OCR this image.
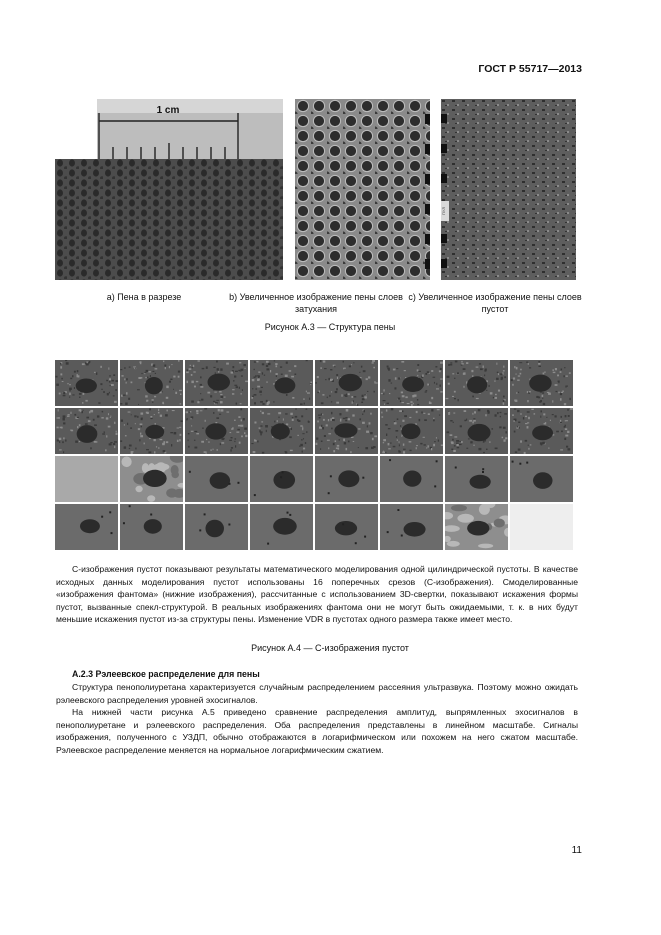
ГОСТ Р 55717—2013
1 cm
ПУЛ
а) Пена в разрезе	b) Увеличенное изображение пены слоев затухания
с) Увеличенное изображение пены слоев пустот
Рисунок А.3 — Структура пены
С-изображения пустот показывают результаты математического моделирования одной цилиндрической пустоты. В качестве исходных данных моделирования пустот использованы 16 поперечных срезов (С-изображения). Смоделированные «изображения фантома» (нижние изображения), рассчитанные с использованием 3D-свертки, показывают искажения формы пустот, вызванные спекл-структурой. В реальных изображениях фантома они не могут быть ожидаемыми, т. к. в них будут меньшие искажения пустот из-за структуры пены. Изменение VDR в пустотах одного размера также имеет место.
Рисунок А.4 — С-изображения пустот
А.2.3 Рэлеевское распределение для пены
Структура пенополиуретана характеризуется случайным распределением рассеяния ультразвука. Поэтому можно ожидать рэлеевского распределения уровней эхосигналов.
На нижней части рисунка А.5 приведено сравнение распределения амплитуд, выпрямленных эхосигналов в пенополиуретане и рэлеевского распределения. Оба распределения представлены в линейном масштабе. Сигналы изображения, полученного с УЗДП, обычно отображаются в логарифмическом или похожем на него сжатом масштабе. Рэлеевское распределение меняется на нормальное логарифмическим сжатием.
11
